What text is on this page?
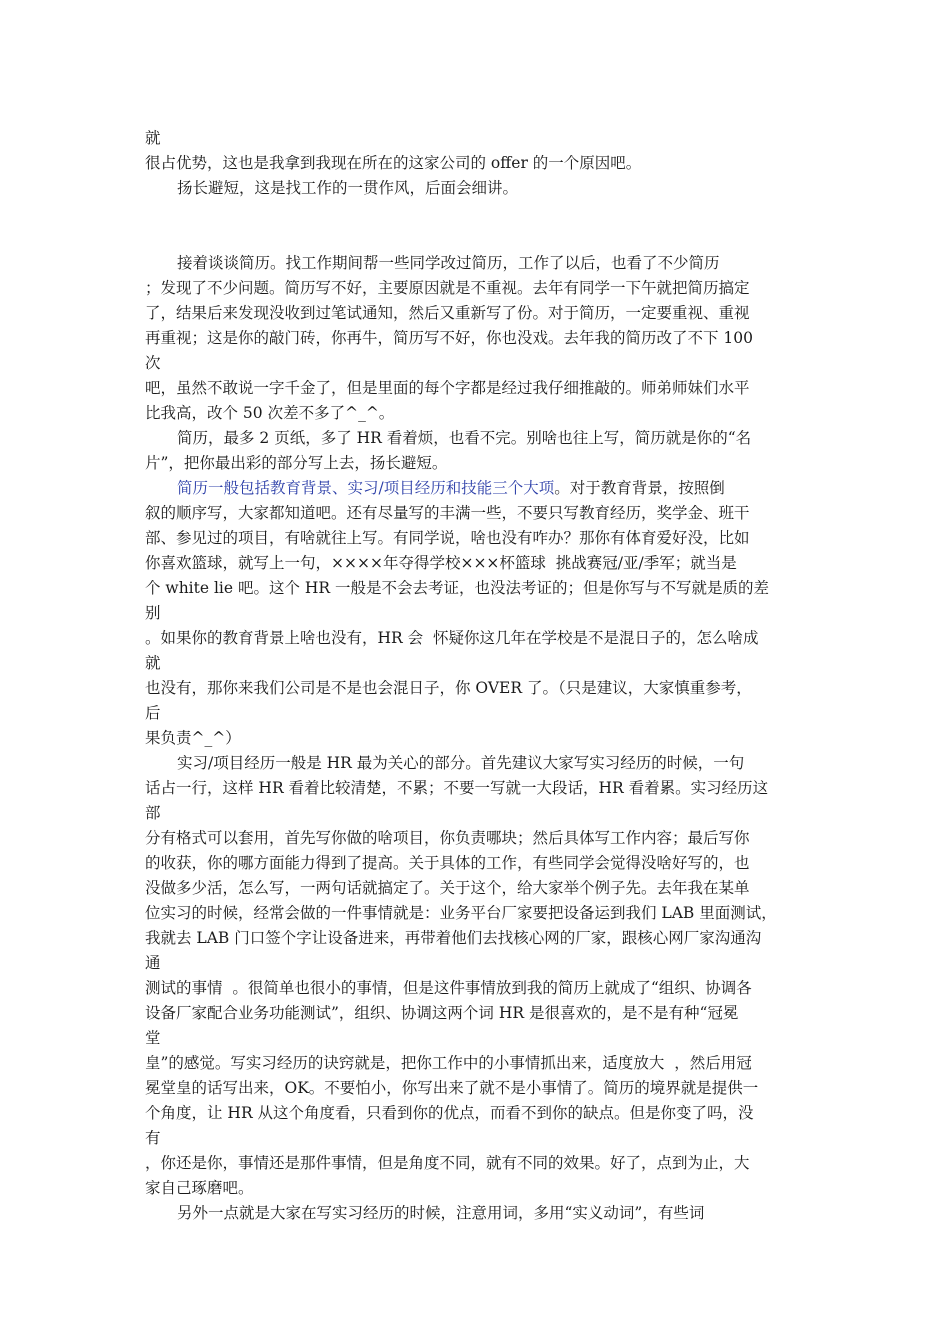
就
很占优势，这也是我拿到我现在所在的这家公司的 offer 的一个原因吧。
扬长避短，这是找工作的一贯作风，后面会细讲。
接着谈谈简历。找工作期间帮一些同学改过简历，工作了以后，也看了不少简历
；发现了不少问题。简历写不好，主要原因就是不重视。去年有同学一下午就把简历搞定
了，结果后来发现没收到过笔试通知，然后又重新写了份。对于简历，一定要重视、重视
再重视；这是你的敲门砖，你再牛，简历写不好，你也没戏。去年我的简历改了不下 100
次
吧，虽然不敢说一字千金了，但是里面的每个字都是经过我仔细推敲的。师弟师妹们水平
比我高，改个 50 次差不多了^_^。
简历，最多 2 页纸，多了 HR 看着烦，也看不完。别啥也往上写，简历就是你的“名
片”，把你最出彩的部分写上去，扬长避短。
简历一般包括教育背景、实习/项目经历和技能三个大项。对于教育背景，按照倒
叙的顺序写，大家都知道吧。还有尽量写的丰满一些，不要只写教育经历，奖学金、班干
部、参见过的项目，有啥就往上写。有同学说，啥也没有咋办？那你有体育爱好没，比如
你喜欢篮球，就写上一句，××××年夺得学校×××杯篮球  挑战赛冠/亚/季军；就当是
个 white lie 吧。这个 HR 一般是不会去考证，也没法考证的；但是你写与不写就是质的差
别
。如果你的教育背景上啥也没有，HR 会  怀疑你这几年在学校是不是混日子的，怎么啥成
就
也没有，那你来我们公司是不是也会混日子，你 OVER 了。（只是建议，大家慎重参考，
后
果负责^_^）
实习/项目经历一般是 HR 最为关心的部分。首先建议大家写实习经历的时候，一句
话占一行，这样 HR 看着比较清楚，不累；不要一写就一大段话，HR 看着累。实习经历这
部
分有格式可以套用，首先写你做的啥项目，你负责哪块；然后具体写工作内容；最后写你
的收获，你的哪方面能力得到了提高。关于具体的工作，有些同学会觉得没啥好写的，也
没做多少活，怎么写，一两句话就搞定了。关于这个，给大家举个例子先。去年我在某单
位实习的时候，经常会做的一件事情就是：业务平台厂家要把设备运到我们 LAB 里面测试，
我就去 LAB 门口签个字让设备进来，再带着他们去找核心网的厂家，跟核心网厂家沟通沟
通
测试的事情  。很简单也很小的事情，但是这件事情放到我的简历上就成了“组织、协调各
设备厂家配合业务功能测试”，组织、协调这两个词 HR 是很喜欢的，是不是有种“冠冕
堂
皇”的感觉。写实习经历的诀窍就是，把你工作中的小事情抓出来，适度放大  ，然后用冠
冕堂皇的话写出来，OK。不要怕小，你写出来了就不是小事情了。简历的境界就是提供一
个角度，让 HR 从这个角度看，只看到你的优点，而看不到你的缺点。但是你变了吗，没
有
，你还是你，事情还是那件事情，但是角度不同，就有不同的效果。好了，点到为止，大
家自己琢磨吧。
另外一点就是大家在写实习经历的时候，注意用词，多用“实义动词”，有些词
